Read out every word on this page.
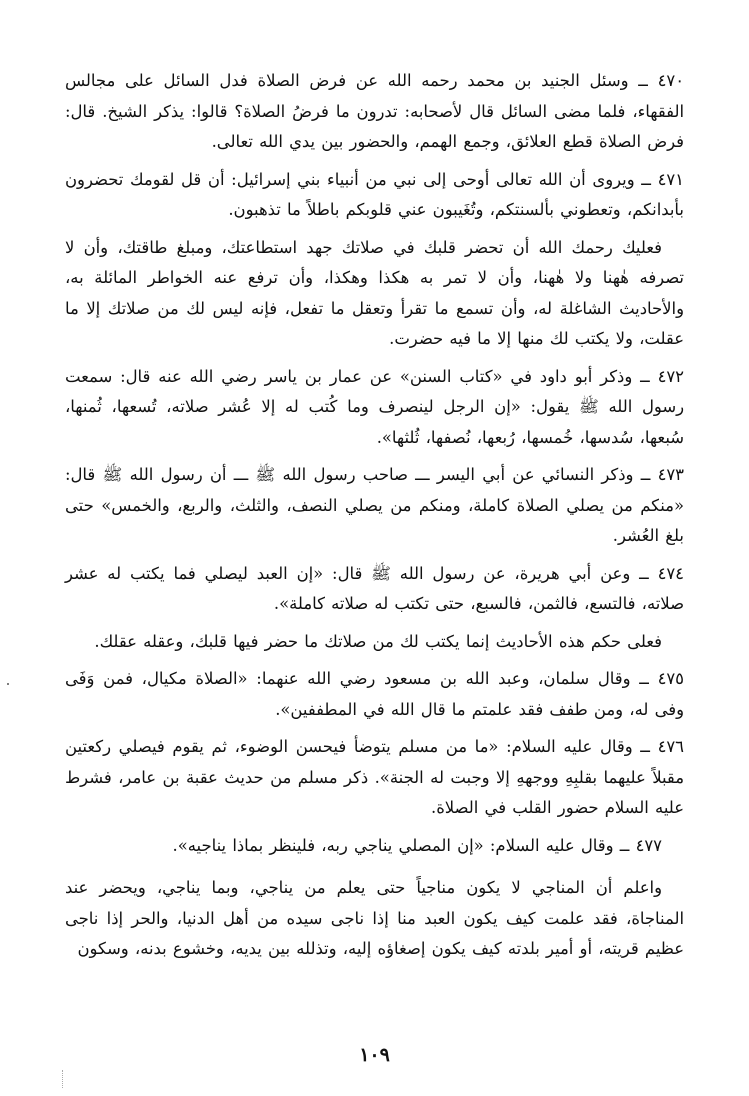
٤٧٠ ــ وسئل الجنيد بن محمد رحمه الله عن فرض الصلاة فدل السائل على مجالس الفقهاء، فلما مضى السائل قال لأصحابه: تدرون ما فرضُ الصلاة؟ قالوا: يذكر الشيخ. قال: فرض الصلاة قطع العلائق، وجمع الهمم، والحضور بين يدي الله تعالى.

٤٧١ ــ ويروى أن الله تعالى أوحى إلى نبي من أنبياء بني إسرائيل: أن قل لقومك تحضرون بأبدانكم، وتعطوني بألسنتكم، وتُغَيبون عني قلوبكم باطلاً ما تذهبون.

فعليك رحمك الله أن تحضر قلبك في صلاتك جهد استطاعتك، ومبلغ طاقتك، وأن لا تصرفه هٰهنا ولا هٰهنا، وأن لا تمر به هكذا وهكذا، وأن ترفع عنه الخواطر المائلة به، والأحاديث الشاغلة له، وأن تسمع ما تقرأ وتعقل ما تفعل، فإنه ليس لك من صلاتك إلا ما عقلت، ولا يكتب لك منها إلا ما فيه حضرت.

٤٧٢ ــ وذكر أبو داود في «كتاب السنن» عن عمار بن ياسر رضي الله عنه قال: سمعت رسول الله ﷺ يقول: «إن الرجل لينصرف وما كُتب له إلا عُشر صلاته، تُسعها، ثُمنها، سُبعها، سُدسها، خُمسها، رُبعها، نُصفها، ثُلثها».

٤٧٣ ــ وذكر النسائي عن أبي اليسر ـــ صاحب رسول الله ﷺ ـــ أن رسول الله ﷺ قال: «منكم من يصلي الصلاة كاملة، ومنكم من يصلي النصف، والثلث، والربع، والخمس» حتى بلغ العُشر.

٤٧٤ ــ وعن أبي هريرة، عن رسول الله ﷺ قال: «إن العبد ليصلي فما يكتب له عشر صلاته، فالتسع، فالثمن، فالسبع، حتى تكتب له صلاته كاملة».

فعلى حكم هذه الأحاديث إنما يكتب لك من صلاتك ما حضر فيها قلبك، وعقله عقلك.

٤٧٥ ــ وقال سلمان، وعبد الله بن مسعود رضي الله عنهما: «الصلاة مكيال، فمن وَفَى وفى له، ومن طفف فقد علمتم ما قال الله في المطففين».

٤٧٦ ــ وقال عليه السلام: «ما من مسلم يتوضأ فيحسن الوضوء، ثم يقوم فيصلي ركعتين مقبلاً عليهما بقلبِهِ ووجههِ إلا وجبت له الجنة». ذكر مسلم من حديث عقبة بن عامر، فشرط عليه السلام حضور القلب في الصلاة.

٤٧٧ ــ وقال عليه السلام: «إن المصلي يناجي ربه، فلينظر بماذا يناجيه».

واعلم أن المناجي لا يكون مناجياً حتى يعلم من يناجي، وبما يناجي، ويحضر عند المناجاة، فقد علمت كيف يكون العبد منا إذا ناجى سيده من أهل الدنيا، والحر إذا ناجى عظيم قريته، أو أمير بلدته كيف يكون إصغاؤه إليه، وتذلله بين يديه، وخشوع بدنه، وسكون

١٠٩
